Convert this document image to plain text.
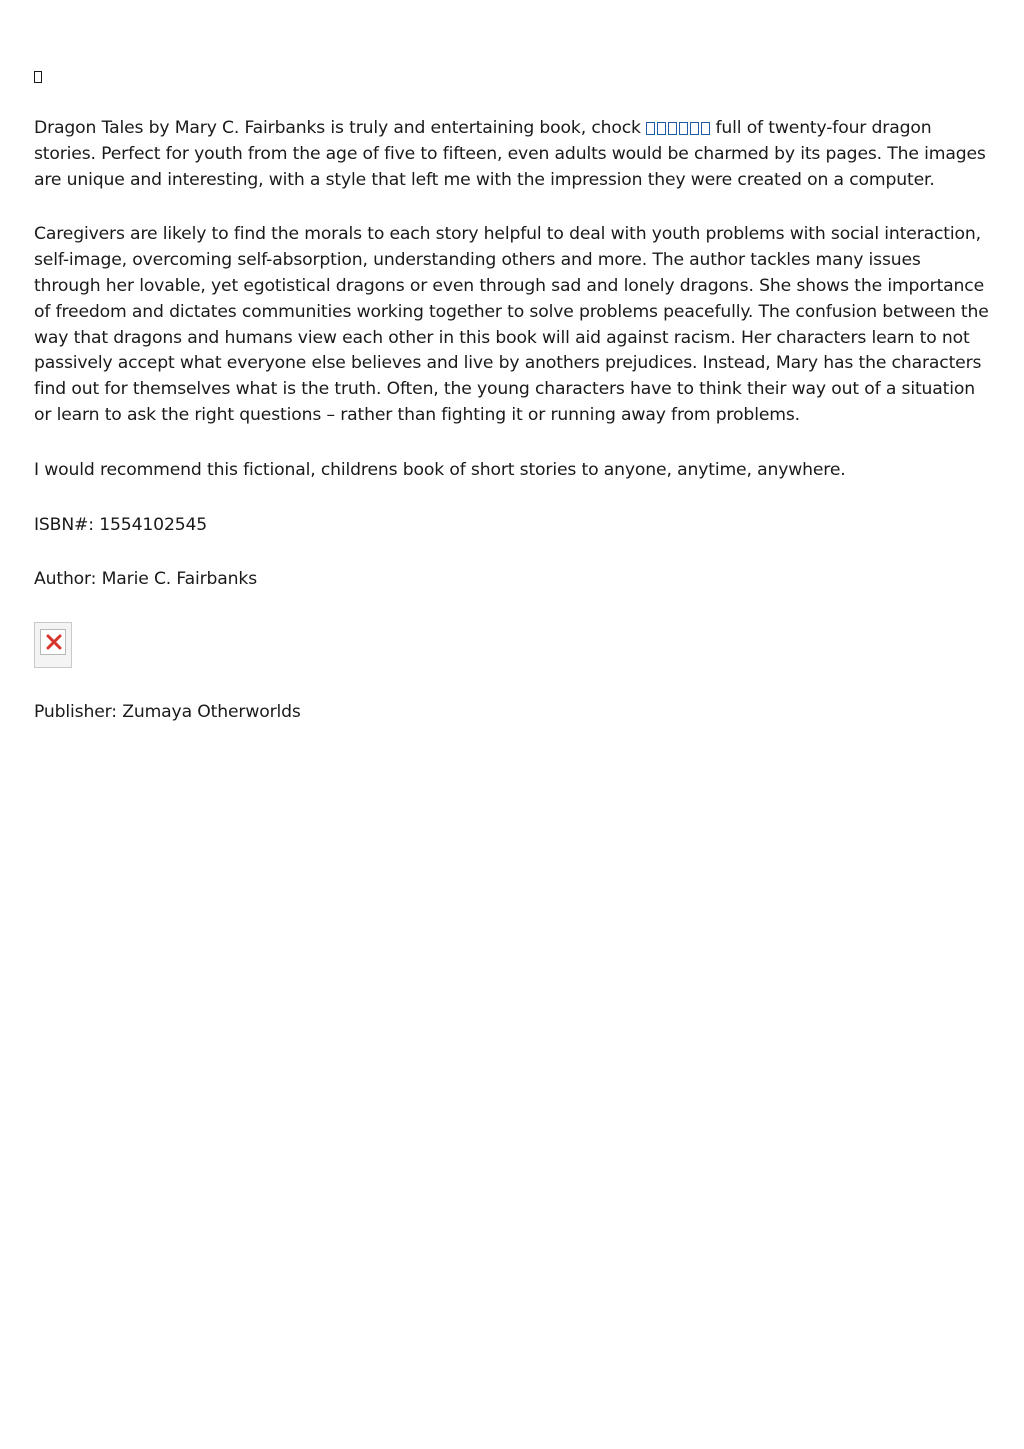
Dragon Tales by Mary C. Fairbanks is truly and entertaining book, chock	full of twenty-four dragon stories. Perfect for youth from the age of five to fifteen, even adults would be charmed by its pages. The images are unique and interesting, with a style that left me with the impression they were created on a computer.

Caregivers are likely to find the morals to each story helpful to deal with youth problems with social interaction, self-image, overcoming self-absorption, understanding others and more. The author tackles many issues through her lovable, yet egotistical dragons or even through sad and lonely dragons. She shows the importance of freedom and dictates communities working together to solve problems peacefully. The confusion between the way that dragons and humans view each other in this book will aid against racism. Her characters learn to not passively accept what everyone else believes and live by anothers prejudices. Instead, Mary has the characters find out for themselves what is the truth. Often, the young characters have to think their way out of a situation or learn to ask the right questions – rather than fighting it or running away from problems.

I would recommend this fictional, childrens book of short stories to anyone, anytime, anywhere.

ISBN#: 1554102545

Author: Marie C. Fairbanks

Publisher: Zumaya Otherworlds
